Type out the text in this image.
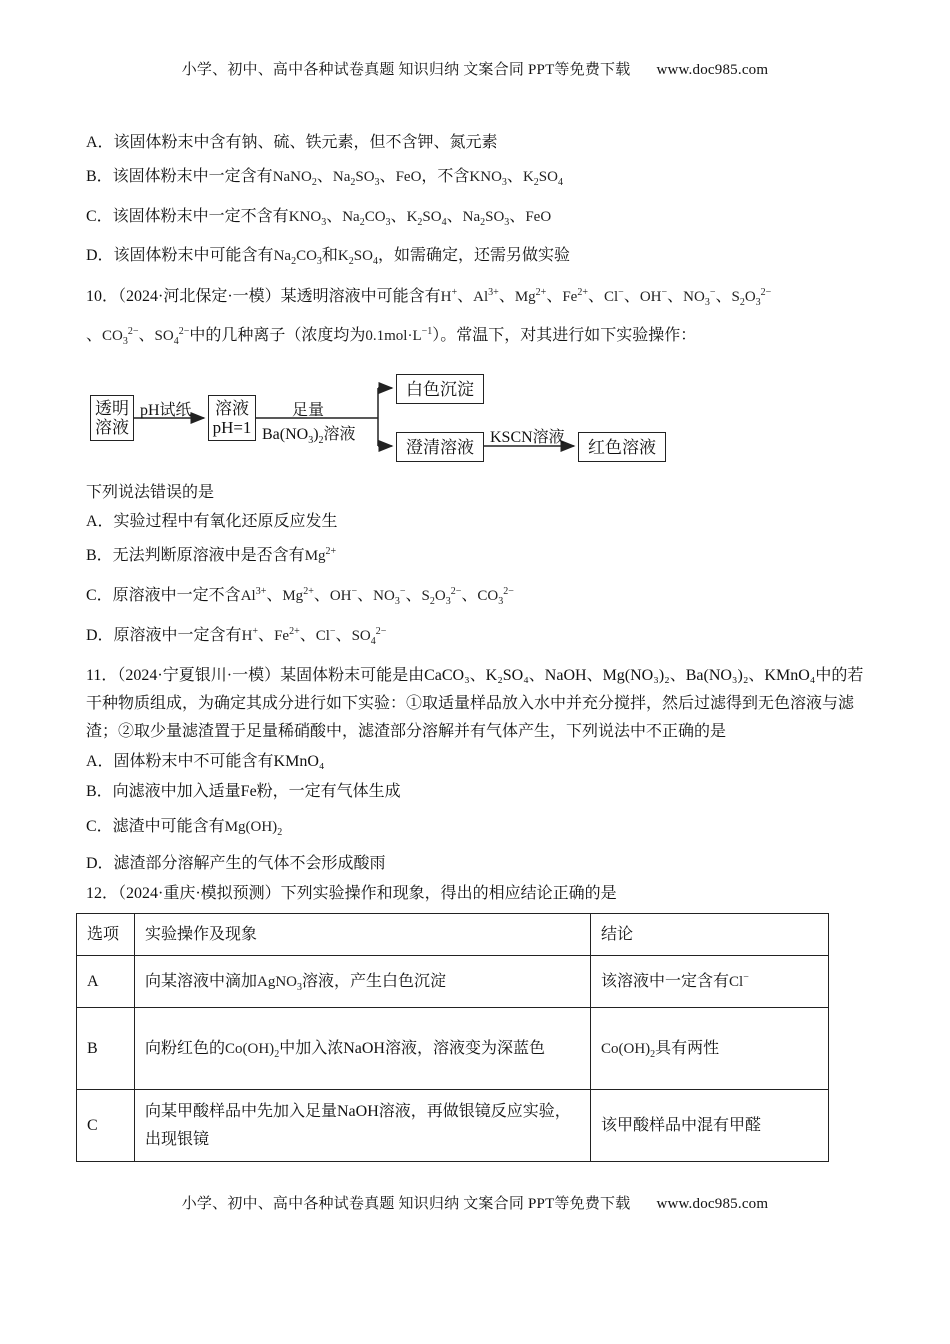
小学、初中、高中各种试卷真题 知识归纳 文案合同 PPT等免费下载 www.doc985.com
A．该固体粉末中含有钠、硫、铁元素，但不含钾、氮元素
B．该固体粉末中一定含有NaNO$_2$、$Na_2SO_3$、FeO，不含$KNO_3$、$K_2SO_4$
C．该固体粉末中一定不含有$KNO_3$、$Na_2CO_3$、$K_2SO_4$、$Na_2SO_3$、FeO
D．该固体粉末中可能含有$Na_2CO_3$和$K_2SO_4$，如需确定，还需另做实验
10．（2024·河北保定·一模）某透明溶液中可能含有H+、$Al^{3+}$、$Mg^{2+}$、$Fe^{2+}$、Cl−、OH−、$NO_3^-$、$S_2O_3^{2-}$
、$CO_3^{2-}$、$SO_4^{2-}$中的几种离子（浓度均为$0.1mol\cdot L^{-1}$）。常温下，对其进行如下实验操作：
透明溶液
pH试纸 溶液
pH=1
足量
$Ba(NO_3)_2$溶液
白色沉淀
澄清溶液	KSCN溶液	红色溶液
下列说法错误的是
A．实验过程中有氧化还原反应发生
B．无法判断原溶液中是否含有$Mg^{2+}$
C．原溶液中一定不含$Al^{3+}$、$Mg^{2+}$、OH−、$NO_3^-$、$S_2O_3^{2-}$、$CO_3^{2-}$
D．原溶液中一定含有H+、$Fe^{2+}$、Cl−、$SO_4^{2-}$
11．（2024·宁夏银川·一模）某固体粉末可能是由CaCO₃、K₂SO₄、NaOH、Mg(NO₃)₂、Ba(NO₃)₂、KMnO₄中的若干种物质组成，为确定其成分进行如下实验：①取适量样品放入水中并充分搅拌，然后过滤得到无色溶液与滤渣；②取少量滤渣置于足量稀硝酸中，滤渣部分溶解并有气体产生，下列说法中不正确的是
A．固体粉末中不可能含有KMnO₄
B．向滤液中加入适量Fe粉，一定有气体生成
C．滤渣中可能含有$Mg(OH)_2$
D．滤渣部分溶解产生的气体不会形成酸雨
12．（2024·重庆·模拟预测）下列实验操作和现象，得出的相应结论正确的是
选项	实验操作及现象	结论
A	向某溶液中滴加AgNO$_3$溶液，产生白色沉淀	该溶液中一定含有Cl−
B	向粉红色的$Co(OH)_2$中加入浓NaOH溶液，溶液变为深蓝色	$Co(OH)_2$具有两性
C	向某甲酸样品中先加入足量NaOH溶液，再做银镜反应实验，出现银镜	该甲酸样品中混有甲醛
小学、初中、高中各种试卷真题 知识归纳 文案合同 PPT等免费下载 www.doc985.com
